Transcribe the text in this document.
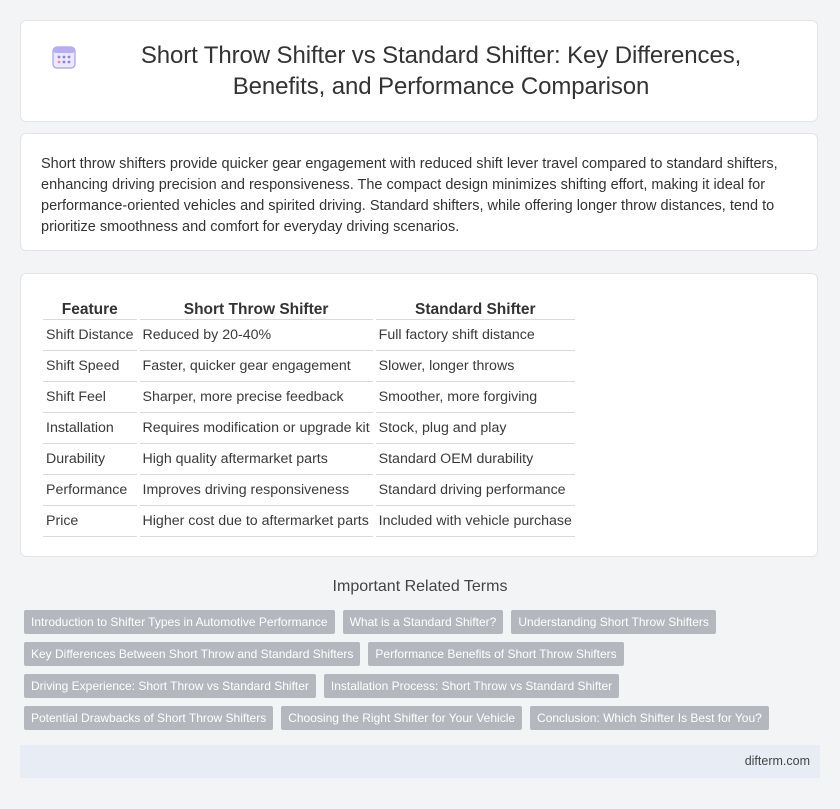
Short Throw Shifter vs Standard Shifter: Key Differences, Benefits, and Performance Comparison

Short throw shifters provide quicker gear engagement with reduced shift lever travel compared to standard shifters, enhancing driving precision and responsiveness. The compact design minimizes shifting effort, making it ideal for performance-oriented vehicles and spirited driving. Standard shifters, while offering longer throw distances, tend to prioritize smoothness and comfort for everyday driving scenarios.

Feature	Short Throw Shifter	Standard Shifter
Shift Distance	Reduced by 20-40%	Full factory shift distance
Shift Speed	Faster, quicker gear engagement	Slower, longer throws
Shift Feel	Sharper, more precise feedback	Smoother, more forgiving
Installation	Requires modification or upgrade kit	Stock, plug and play
Durability	High quality aftermarket parts	Standard OEM durability
Performance	Improves driving responsiveness	Standard driving performance
Price	Higher cost due to aftermarket parts	Included with vehicle purchase
Important Related Terms
Introduction to Shifter Types in Automotive Performance	What is a Standard Shifter?	Understanding Short Throw Shifters
Key Differences Between Short Throw and Standard Shifters	Performance Benefits of Short Throw Shifters
Driving Experience: Short Throw vs Standard Shifter	Installation Process: Short Throw vs Standard Shifter
Potential Drawbacks of Short Throw Shifters	Choosing the Right Shifter for Your Vehicle	Conclusion: Which Shifter Is Best for You?
difterm.com
